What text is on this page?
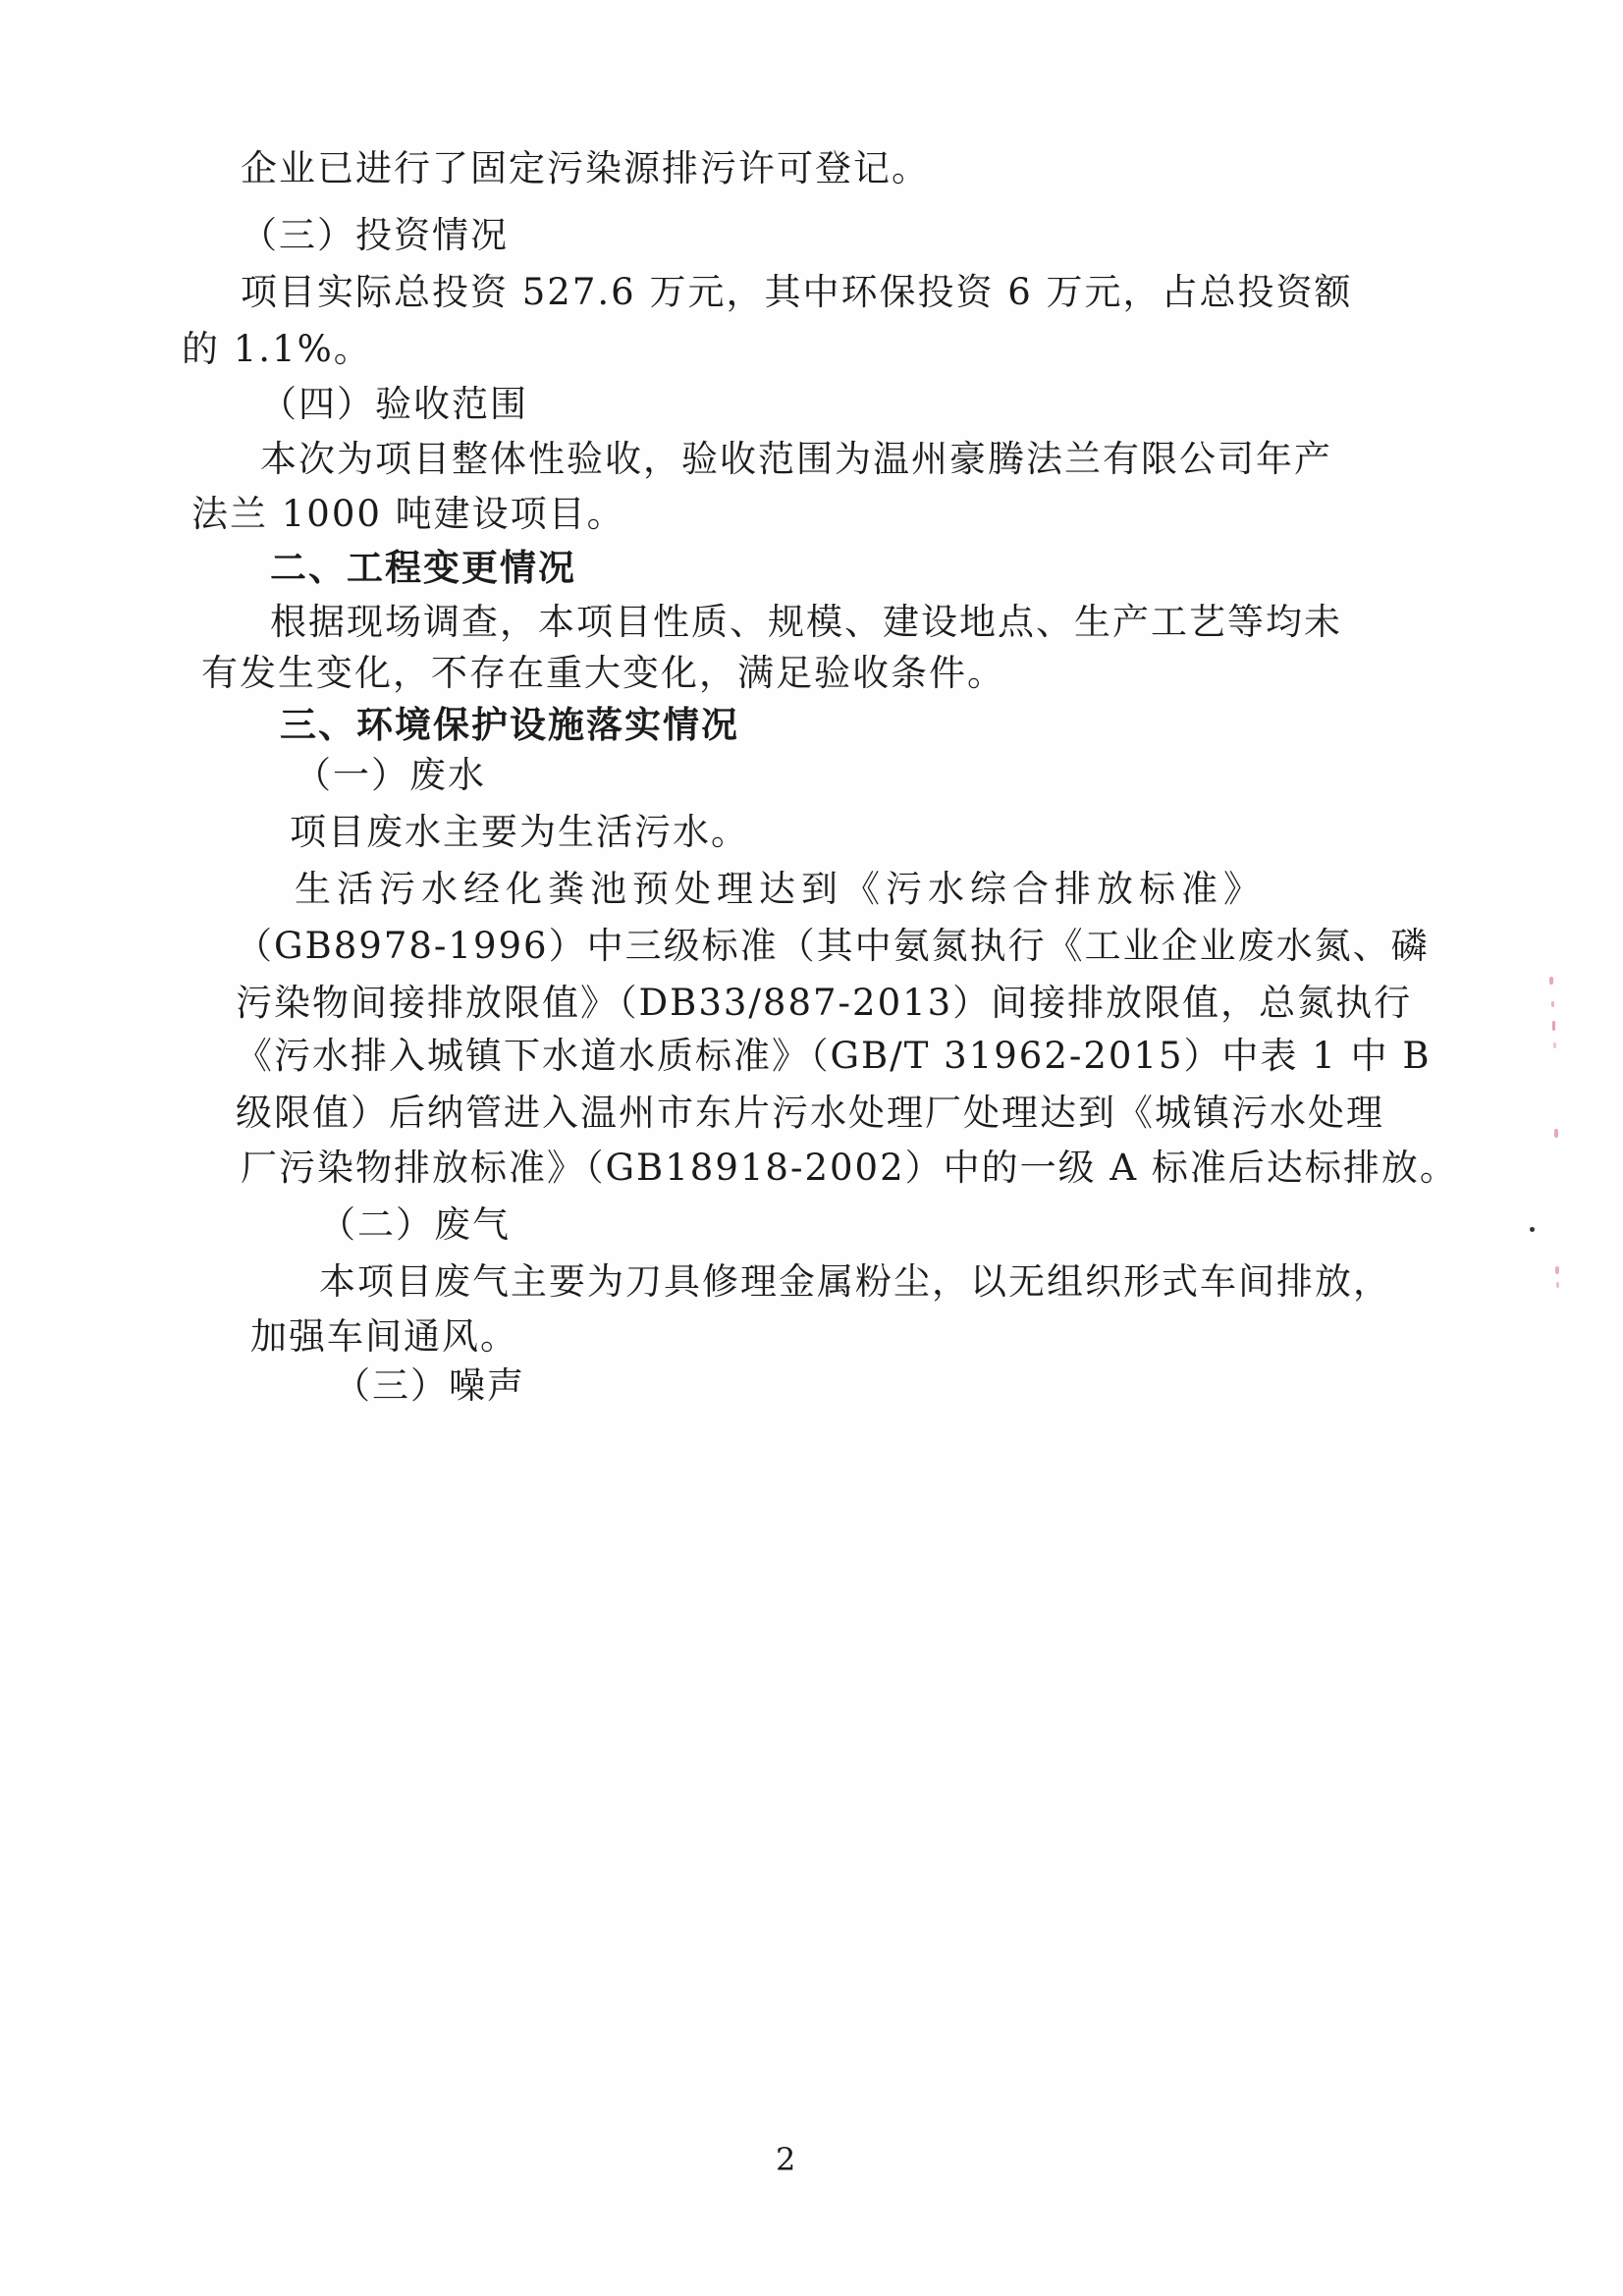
企业已进行了固定污染源排污许可登记。
（三）投资情况
项目实际总投资 527.6 万元，其中环保投资 6 万元，占总投资额
的 1.1%。
（四）验收范围
本次为项目整体性验收，验收范围为温州豪腾法兰有限公司年产
法兰 1000 吨建设项目。
二、工程变更情况
根据现场调查，本项目性质、规模、建设地点、生产工艺等均未
有发生变化，不存在重大变化，满足验收条件。
三、环境保护设施落实情况
（一）废水
项目废水主要为生活污水。
生活污水经化粪池预处理达到《污水综合排放标准》
（GB8978-1996）中三级标准（其中氨氮执行《工业企业废水氮、磷
污染物间接排放限值》（DB33/887-2013）间接排放限值，总氮执行
《污水排入城镇下水道水质标准》（GB/T 31962-2015）中表 1 中 B
级限值）后纳管进入温州市东片污水处理厂处理达到《城镇污水处理
厂污染物排放标准》（GB18918-2002）中的一级 A 标准后达标排放。
（二）废气
本项目废气主要为刀具修理金属粉尘，以无组织形式车间排放，
加强车间通风。
（三）噪声
2
